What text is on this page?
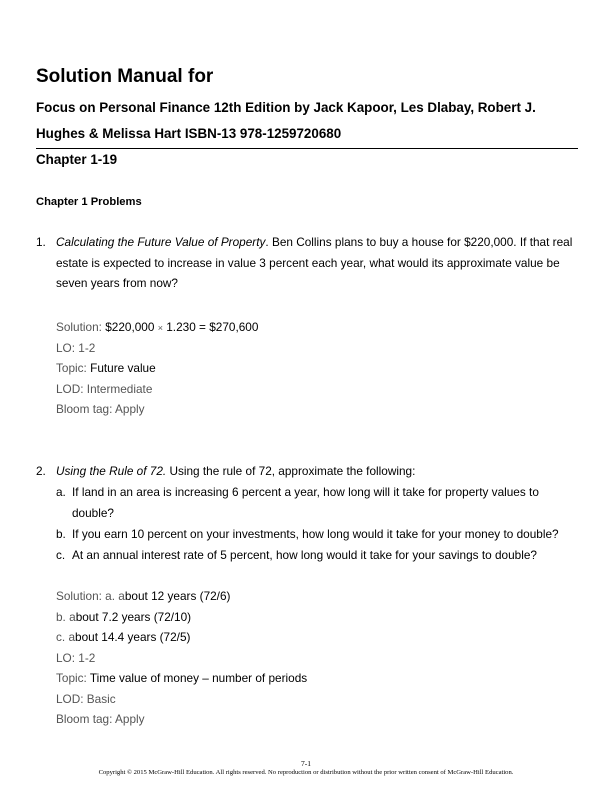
Solution Manual for
Focus on Personal Finance 12th Edition by Jack Kapoor, Les Dlabay, Robert J.
Hughes & Melissa Hart ISBN-13 978-1259720680
Chapter 1-19
Chapter 1 Problems
1. Calculating the Future Value of Property. Ben Collins plans to buy a house for $220,000. If that real estate is expected to increase in value 3 percent each year, what would its approximate value be seven years from now?
Solution: $220,000 × 1.230 = $270,600
LO: 1-2
Topic: Future value
LOD: Intermediate
Bloom tag: Apply
2. Using the Rule of 72. Using the rule of 72, approximate the following:
a. If land in an area is increasing 6 percent a year, how long will it take for property values to double?
b. If you earn 10 percent on your investments, how long would it take for your money to double?
c. At an annual interest rate of 5 percent, how long would it take for your savings to double?
Solution: a. about 12 years (72/6)
b. about 7.2 years (72/10)
c. about 14.4 years (72/5)
LO: 1-2
Topic: Time value of money – number of periods
LOD: Basic
Bloom tag: Apply
7-1
Copyright © 2015 McGraw-Hill Education. All rights reserved. No reproduction or distribution without the prior written consent of McGraw-Hill Education.
